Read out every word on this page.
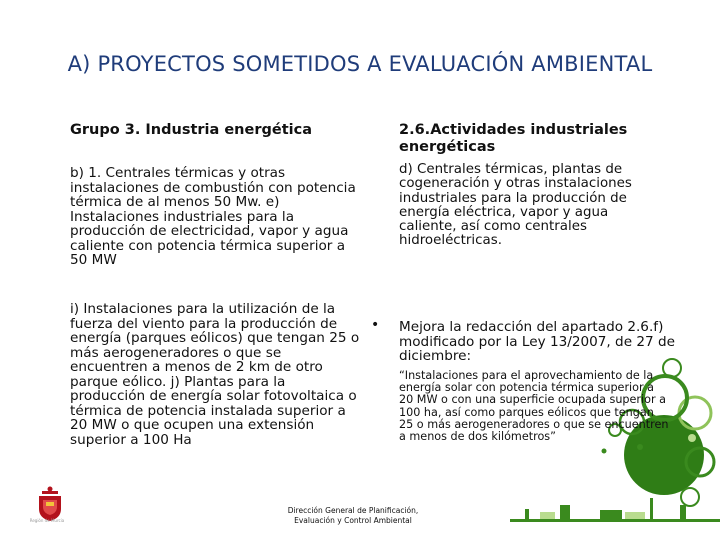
A) PROYECTOS SOMETIDOS A EVALUACIÓN AMBIENTAL
Grupo 3. Industria energética	2.6.Actividades industriales energéticas
b) 1. Centrales térmicas y otras instalaciones de combustión con potencia térmica de al menos 50 Mw. e) Instalaciones industriales para la producción de electricidad, vapor y agua caliente con potencia térmica superior a 50 MW
d) Centrales térmicas, plantas de cogeneración y otras instalaciones industriales para la producción de energía eléctrica, vapor y agua caliente, así como centrales hidroeléctricas.
i) Instalaciones para la utilización de la fuerza del viento para la producción de energía (parques eólicos) que tengan 25 o más aerogeneradores o que se encuentren a menos de 2 km de otro parque eólico. j) Plantas para la producción de energía solar fotovoltaica o térmica de potencia instalada superior a 20 MW o que ocupen una extensión superior a 100 Ha
• Mejora la redacción del apartado 2.6.f) modificado por la Ley 13/2007, de 27 de diciembre:
“Instalaciones para el aprovechamiento de la energía solar con potencia térmica superior a 20 MW o con una superficie ocupada superior a 100 ha, así como parques eólicos que tengan 25 o más aerogeneradores o que se encuentren a menos de dos kilómetros”
Región de Murcia
Dirección General de Planificación,
Evaluación y Control Ambiental
